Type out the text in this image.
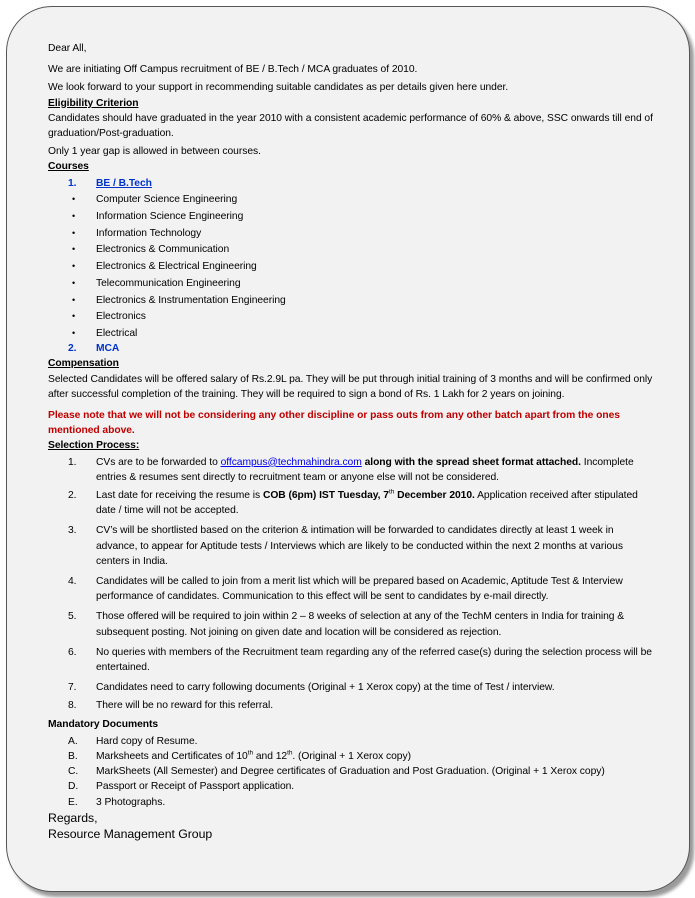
Dear All,

We are initiating Off Campus recruitment of BE / B.Tech / MCA graduates of 2010.

We look forward to your support in recommending suitable candidates as per details given here under.

Eligibility Criterion

Candidates should have graduated in the year 2010 with a consistent academic performance of 60% & above, SSC onwards till end of graduation/Post-graduation.

Only 1 year gap is allowed in between courses.

Courses

1.	BE / B.Tech
•	Computer Science Engineering
•	Information Science Engineering
•	Information Technology
•	Electronics & Communication
•	Electronics & Electrical Engineering
•	Telecommunication Engineering
•	Electronics & Instrumentation Engineering
•	Electronics
•	Electrical
2.	MCA

Compensation

Selected Candidates will be offered salary of Rs.2.9L pa. They will be put through initial training of 3 months and will be confirmed only after successful completion of the training. They will be required to sign a bond of Rs. 1 Lakh for 2 years on joining.

Please note that we will not be considering any other discipline or pass outs from any other batch apart from the ones mentioned above.

Selection Process:

1.	CVs are to be forwarded to offcampus@techmahindra.com along with the spread sheet format attached. Incomplete entries & resumes sent directly to recruitment team or anyone else will not be considered.
2.	Last date for receiving the resume is COB (6pm) IST Tuesday, 7th December 2010. Application received after stipulated date / time will not be accepted.
3.	CV’s will be shortlisted based on the criterion & intimation will be forwarded to candidates directly at least 1 week in advance, to appear for Aptitude tests / Interviews which are likely to be conducted within the next 2 months at various centers in India.
4.	Candidates will be called to join from a merit list which will be prepared based on Academic, Aptitude Test & Interview performance of candidates. Communication to this effect will be sent to candidates by e-mail directly.
5.	Those offered will be required to join within 2 – 8 weeks of selection at any of the TechM centers in India for training & subsequent posting. Not joining on given date and location will be considered as rejection.
6.	No queries with members of the Recruitment team regarding any of the referred case(s) during the selection process will be entertained.
7.	Candidates need to carry following documents (Original + 1 Xerox copy) at the time of Test / interview.
8.	There will be no reward for this referral.

Mandatory Documents

A.	Hard copy of Resume.
B.	Marksheets and Certificates of 10th and 12th. (Original + 1 Xerox copy)
C.	MarkSheets (All Semester) and Degree certificates of Graduation and Post Graduation. (Original + 1 Xerox copy)
D.	Passport or Receipt of Passport application.
E.	3 Photographs.

Regards,

Resource Management Group
